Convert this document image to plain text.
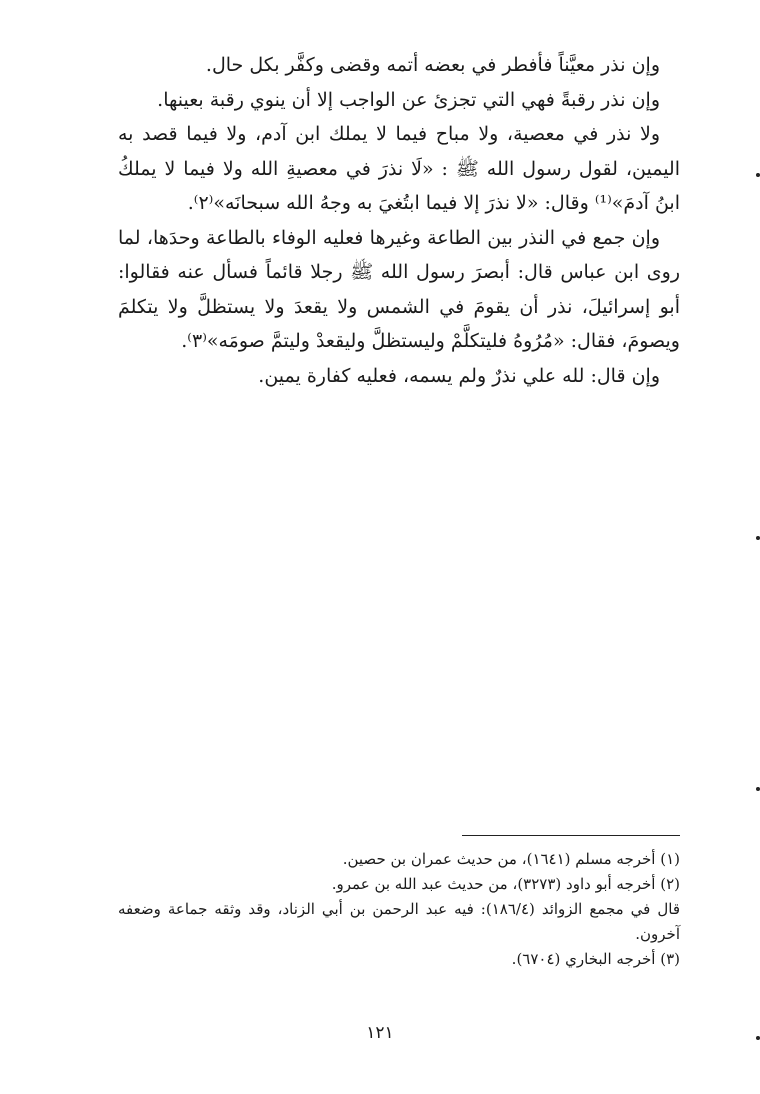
وإن نذر معيَّناً فأفطر في بعضه أتمه وقضى وكفَّر بكل حال.

وإن نذر رقبةً فهي التي تجزئ عن الواجب إلا أن ينوي رقبة بعينها.

ولا نذر في معصية، ولا مباح فيما لا يملك ابن آدم، ولا فيما قصد به اليمين، لقول رسول الله ﷺ : «لَا نذرَ في معصيةِ الله ولا فيما لا يملكُ ابنُ آدمَ»⁽¹⁾ وقال: «لا نذرَ إلا فيما ابتُغيَ به وجهُ الله سبحانَه»⁽٢⁾.

وإن جمع في النذر بين الطاعة وغيرها فعليه الوفاء بالطاعة وحدَها، لما روى ابن عباس قال: أبصرَ رسول الله ﷺ رجلا قائماً فسأل عنه فقالوا: أبو إسرائيلَ، نذر أن يقومَ في الشمس ولا يقعدَ ولا يستظلَّ ولا يتكلمَ ويصومَ، فقال: «مُرُوهُ فليتكلَّمْ وليستظلَّ وليقعدْ وليتمَّ صومَه»⁽٣⁾.

وإن قال: لله علي نذرٌ ولم يسمه، فعليه كفارة يمين.

(١) أخرجه مسلم (١٦٤١)، من حديث عمران بن حصين.

(٢) أخرجه أبو داود (٣٢٧٣)، من حديث عبد الله بن عمرو.

قال في مجمع الزوائد (١٨٦/٤): فيه عبد الرحمن بن أبي الزناد، وقد وثقه جماعة وضعفه آخرون.

(٣) أخرجه البخاري (٦٧٠٤).

١٢١
